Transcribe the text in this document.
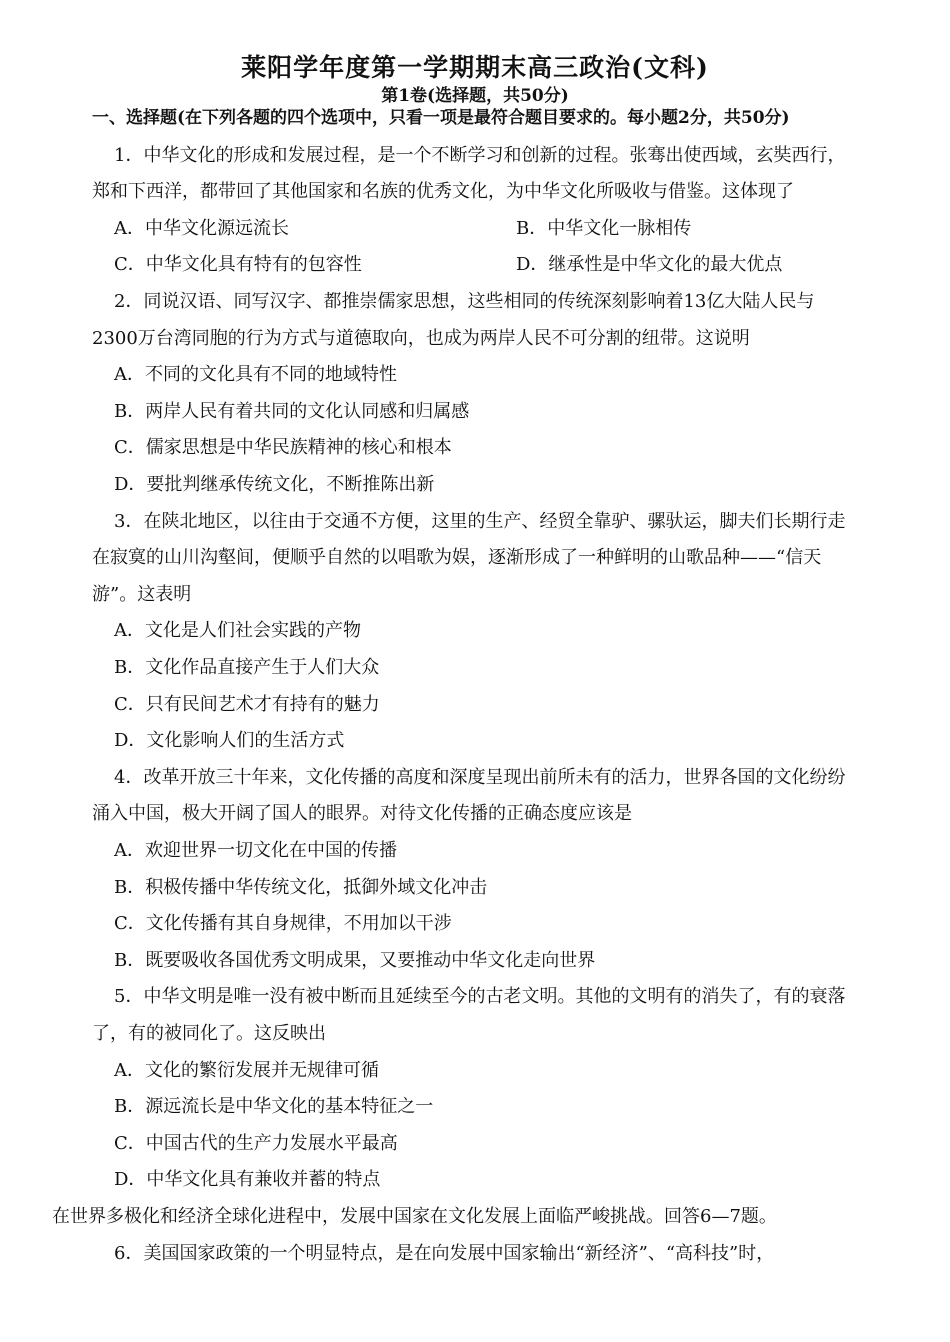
莱阳学年度第一学期期末高三政治(文科)
第1卷(选择题，共50分)
一、选择题(在下列各题的四个选项中，只看一项是最符合题目要求的。每小题2分，共50分)
1．中华文化的形成和发展过程，是一个不断学习和创新的过程。张骞出使西域，玄奘西行，
郑和下西洋，都带回了其他国家和名族的优秀文化，为中华文化所吸收与借鉴。这体现了
A．中华文化源远流长	B．中华文化一脉相传
C．中华文化具有特有的包容性	D．继承性是中华文化的最大优点
2．同说汉语、同写汉字、都推崇儒家思想，这些相同的传统深刻影响着13亿大陆人民与
2300万台湾同胞的行为方式与道德取向，也成为两岸人民不可分割的纽带。这说明
A．不同的文化具有不同的地域特性
B．两岸人民有着共同的文化认同感和归属感
C．儒家思想是中华民族精神的核心和根本
D．要批判继承传统文化，不断推陈出新
3．在陕北地区，以往由于交通不方便，这里的生产、经贸全靠驴、骡驮运，脚夫们长期行走
在寂寞的山川沟壑间，便顺乎自然的以唱歌为娱，逐渐形成了一种鲜明的山歌品种——“信天
游”。这表明
A．文化是人们社会实践的产物
B．文化作品直接产生于人们大众
C．只有民间艺术才有持有的魅力
D．文化影响人们的生活方式
4．改革开放三十年来，文化传播的高度和深度呈现出前所未有的活力，世界各国的文化纷纷
涌入中国，极大开阔了国人的眼界。对待文化传播的正确态度应该是
A．欢迎世界一切文化在中国的传播
B．积极传播中华传统文化，抵御外域文化冲击
C．文化传播有其自身规律，不用加以干涉
B．既要吸收各国优秀文明成果，又要推动中华文化走向世界
5．中华文明是唯一没有被中断而且延续至今的古老文明。其他的文明有的消失了，有的衰落
了，有的被同化了。这反映出
A．文化的繁衍发展并无规律可循
B．源远流长是中华文化的基本特征之一
C．中国古代的生产力发展水平最高
D．中华文化具有兼收并蓄的特点
在世界多极化和经济全球化进程中，发展中国家在文化发展上面临严峻挑战。回答6—7题。
6．美国国家政策的一个明显特点，是在向发展中国家输出“新经济”、“高科技”时，
